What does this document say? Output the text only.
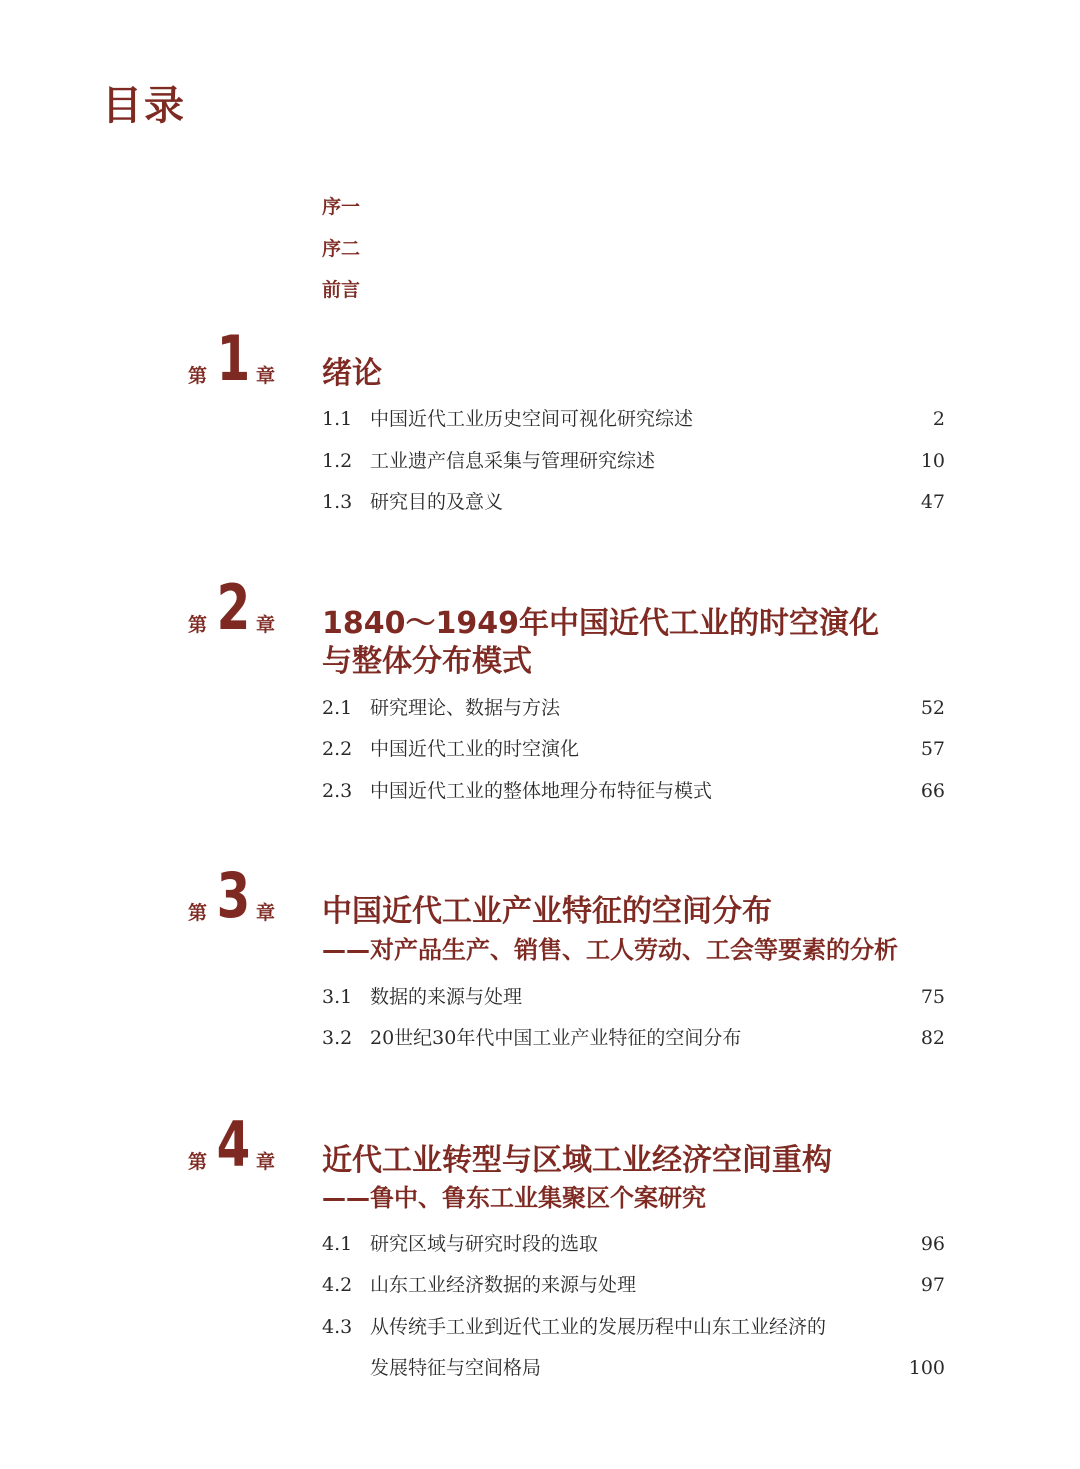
目录
序一
序二
前言
第 1 章 绪论
1.1 中国近代工业历史空间可视化研究综述	2
1.2 工业遗产信息采集与管理研究综述	10
1.3 研究目的及意义	47
第 2 章 1840～1949年中国近代工业的时空演化
与整体分布模式
2.1 研究理论、数据与方法	52
2.2 中国近代工业的时空演化	57
2.3 中国近代工业的整体地理分布特征与模式	66
第 3 章 中国近代工业产业特征的空间分布
——对产品生产、销售、工人劳动、工会等要素的分析
3.1 数据的来源与处理	75
3.2 20世纪30年代中国工业产业特征的空间分布	82
第 4 章 近代工业转型与区域工业经济空间重构
——鲁中、鲁东工业集聚区个案研究
4.1 研究区域与研究时段的选取	96
4.2 山东工业经济数据的来源与处理	97
4.3 从传统手工业到近代工业的发展历程中山东工业经济的
发展特征与空间格局	100
